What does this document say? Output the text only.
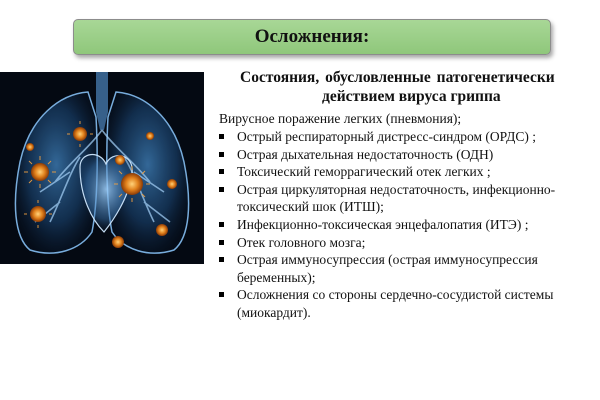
Осложнения:
Состояния, обусловленные патогенетически
действием вируса гриппа
Вирусное поражение легких (пневмония);
Острый респираторный дистресс-синдром (ОРДС) ;
Острая дыхательная недостаточность (ОДН)
Токсический геморрагический отек легких ;
Острая циркуляторная недостаточность, инфекционно-
токсический шок (ИТШ);
Инфекционно-токсическая энцефалопатия (ИТЭ) ;
Отек головного мозга;
Острая иммуносупрессия (острая иммуносупрессия
беременных);
Осложнения со стороны сердечно-сосудистой системы
(миокардит).
